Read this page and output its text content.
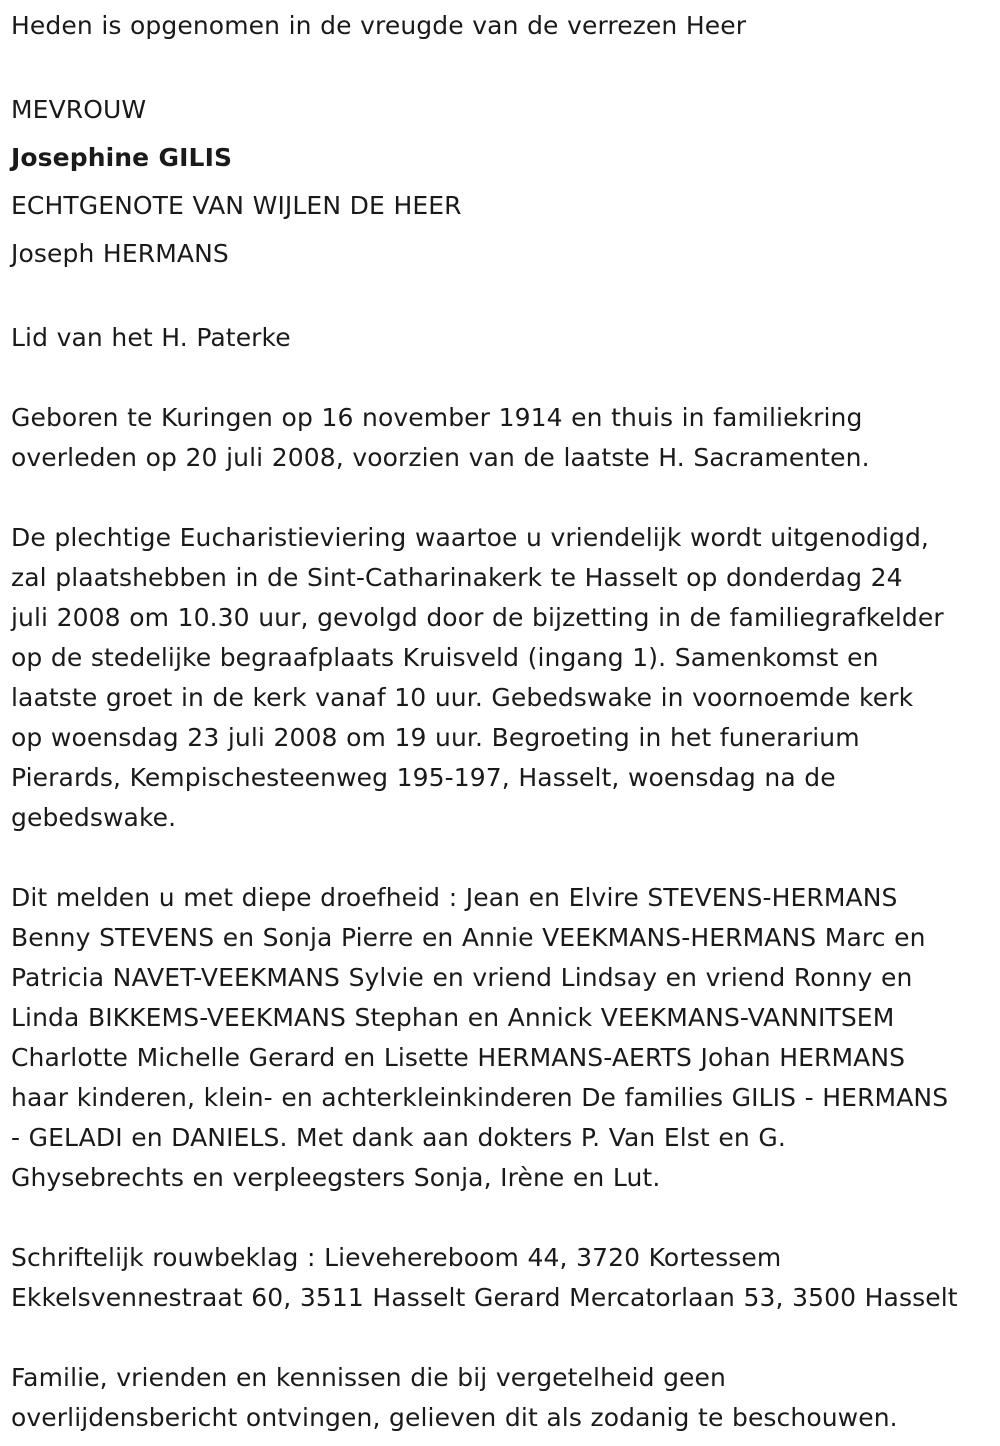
Heden is opgenomen in de vreugde van de verrezen Heer

MEVROUW

Josephine GILIS

ECHTGENOTE VAN WIJLEN DE HEER

Joseph HERMANS

Lid van het H. Paterke

Geboren te Kuringen op 16 november 1914 en thuis in familiekring

overleden op 20 juli 2008, voorzien van de laatste H. Sacramenten.

De plechtige Eucharistieviering waartoe u vriendelijk wordt uitgenodigd,

zal plaatshebben in de Sint-Catharinakerk te Hasselt op donderdag 24

juli 2008 om 10.30 uur, gevolgd door de bijzetting in de familiegrafkelder

op de stedelijke begraafplaats Kruisveld (ingang 1). Samenkomst en

laatste groet in de kerk vanaf 10 uur. Gebedswake in voornoemde kerk

op woensdag 23 juli 2008 om 19 uur. Begroeting in het funerarium

Pierards, Kempischesteenweg 195-197, Hasselt, woensdag na de

gebedswake.

Dit melden u met diepe droefheid : Jean en Elvire STEVENS-HERMANS

Benny STEVENS en Sonja Pierre en Annie VEEKMANS-HERMANS Marc en

Patricia NAVET-VEEKMANS Sylvie en vriend Lindsay en vriend Ronny en

Linda BIKKEMS-VEEKMANS Stephan en Annick VEEKMANS-VANNITSEM

Charlotte Michelle Gerard en Lisette HERMANS-AERTS Johan HERMANS

haar kinderen, klein- en achterkleinkinderen De families GILIS - HERMANS

- GELADI en DANIELS. Met dank aan dokters P. Van Elst en G.

Ghysebrechts en verpleegsters Sonja, Irène en Lut.

Schriftelijk rouwbeklag : Lievehereboom 44, 3720 Kortessem

Ekkelsvennestraat 60, 3511 Hasselt Gerard Mercatorlaan 53, 3500 Hasselt

Familie, vrienden en kennissen die bij vergetelheid geen

overlijdensbericht ontvingen, gelieven dit als zodanig te beschouwen.
